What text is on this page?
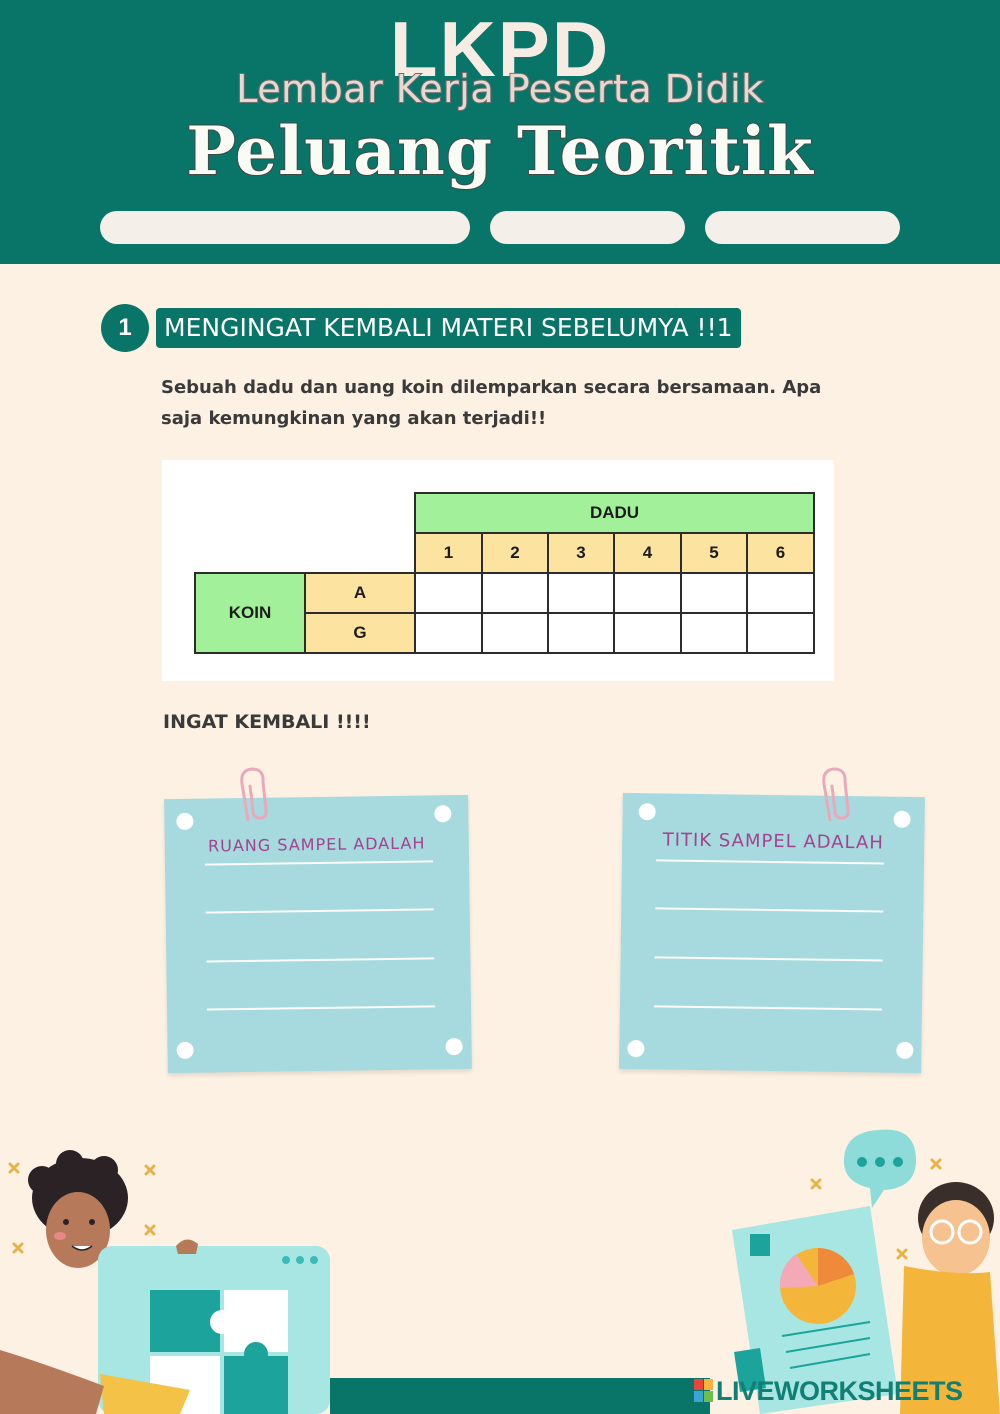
LKPD
Lembar Kerja Peserta Didik
Peluang Teoritik
1	MENGINGAT KEMBALI MATERI SEBELUMYA !!1
Sebuah dadu dan uang koin dilemparkan secara bersamaan. Apa saja kemungkinan yang akan terjadi!!
		DADU					
		1	2	3	4	5	6
KOIN	A						
	G						
INGAT KEMBALI !!!!
RUANG SAMPEL ADALAH	TITIK SAMPEL ADALAH
LIVEWORKSHEETS
